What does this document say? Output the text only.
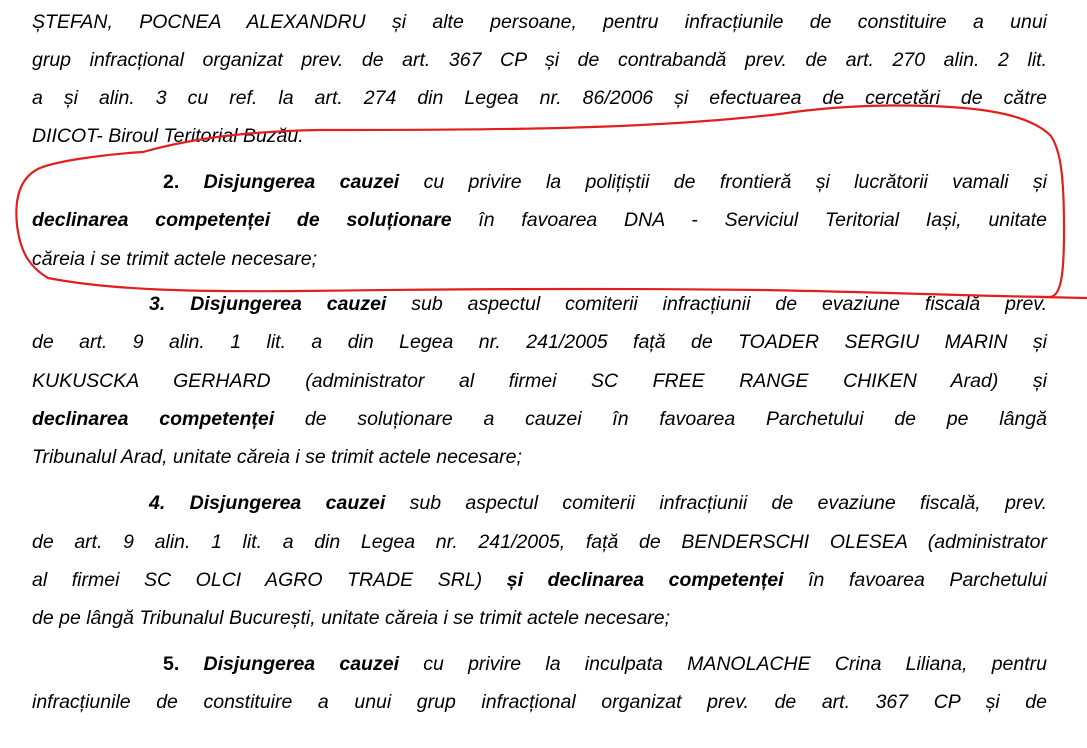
ȘTEFAN, POCNEA ALEXANDRU și alte persoane, pentru infracțiunile de constituire a unui
grup infracțional organizat prev. de art. 367 CP și de contrabandă prev. de art. 270 alin. 2 lit.
a și alin. 3 cu ref. la art. 274 din Legea nr. 86/2006 și efectuarea de cercetări de către
DIICOT- Biroul Teritorial Buzău.
2. Disjungerea cauzei cu privire la polițiștii de frontieră și lucrătorii vamali și
declinarea competenței de soluționare în favoarea DNA - Serviciul Teritorial Iași, unitate
căreia i se trimit actele necesare;
3. Disjungerea cauzei sub aspectul comiterii infracțiunii de evaziune fiscală prev.
de art. 9 alin. 1 lit. a din Legea nr. 241/2005 față de TOADER SERGIU MARIN și
KUKUSCKA GERHARD (administrator al firmei SC FREE RANGE CHIKEN Arad) și
declinarea competenței de soluționare a cauzei în favoarea Parchetului de pe lângă
Tribunalul Arad, unitate căreia i se trimit actele necesare;
4. Disjungerea cauzei sub aspectul comiterii infracțiunii de evaziune fiscală, prev.
de art. 9 alin. 1 lit. a din Legea nr. 241/2005, față de BENDERSCHI OLESEA (administrator
al firmei SC OLCI AGRO TRADE SRL) și declinarea competenței în favoarea Parchetului
de pe lângă Tribunalul București, unitate căreia i se trimit actele necesare;
5. Disjungerea cauzei cu privire la inculpata MANOLACHE Crina Liliana, pentru
infracțiunile de constituire a unui grup infracțional organizat prev. de art. 367 CP și de
